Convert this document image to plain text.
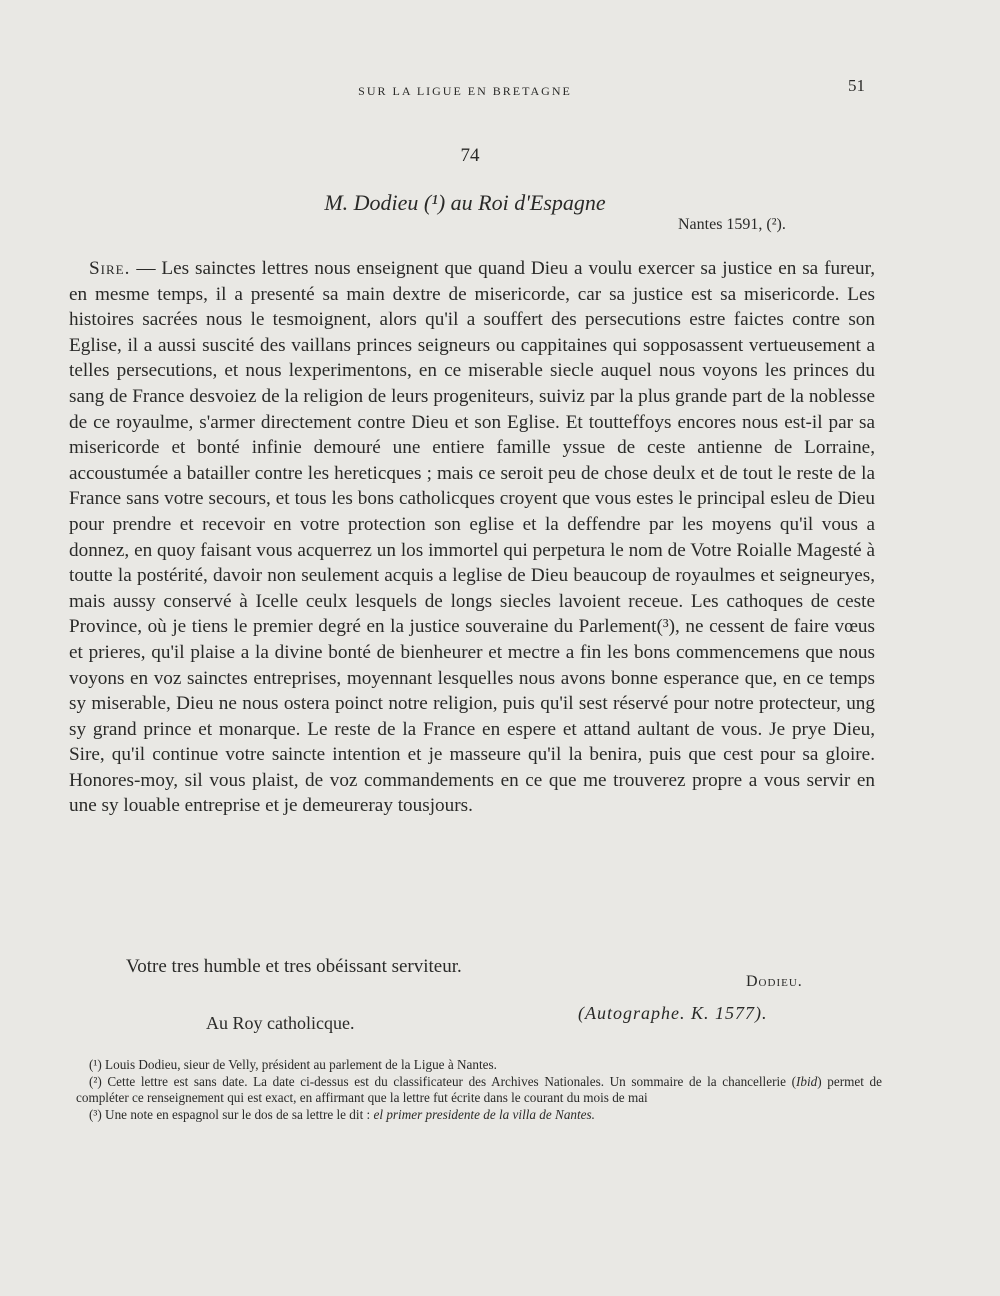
SUR LA LIGUE EN BRETAGNE	51
74
M. Dodieu (¹) au Roi d'Espagne
Nantes 1591, (²).

Sire. — Les sainctes lettres nous enseignent que quand Dieu a voulu exercer sa justice en sa fureur, en mesme temps, il a presenté sa main dextre de misericorde, car sa justice est sa misericorde. Les histoires sacrées nous le tesmoignent, alors qu'il a souffert des persecutions estre faictes contre son Eglise, il a aussi suscité des vaillans princes seigneurs ou cappitaines qui sopposassent vertueusement a telles persecutions, et nous lexperimentons, en ce miserable siecle auquel nous voyons les princes du sang de France desvoiez de la religion de leurs progeniteurs, suiviz par la plus grande part de la noblesse de ce royaulme, s'armer directement contre Dieu et son Eglise. Et toutteffoys encores nous est-il par sa misericorde et bonté infinie demouré une entiere famille yssue de ceste antienne de Lorraine, accoustumée a batailler contre les hereticques ; mais ce seroit peu de chose deulx et de tout le reste de la France sans votre secours, et tous les bons catholicques croyent que vous estes le principal esleu de Dieu pour prendre et recevoir en votre protection son eglise et la deffendre par les moyens qu'il vous a donnez, en quoy faisant vous acquerrez un los immortel qui perpetura le nom de Votre Roialle Magesté à toutte la postérité, davoir non seulement acquis a leglise de Dieu beaucoup de royaulmes et seigneuryes, mais aussy conservé à Icelle ceulx lesquels de longs siecles lavoient receue. Les cathoques de ceste Province, où je tiens le premier degré en la justice souveraine du Parlement(³), ne cessent de faire vœus et prieres, qu'il plaise a la divine bonté de bienheurer et mectre a fin les bons commencemens que nous voyons en voz sainctes entreprises, moyennant lesquelles nous avons bonne esperance que, en ce temps sy miserable, Dieu ne nous ostera poinct notre religion, puis qu'il sest réservé pour notre protecteur, ung sy grand prince et monarque. Le reste de la France en espere et attand aultant de vous. Je prye Dieu, Sire, qu'il continue votre saincte intention et je masseure qu'il la benira, puis que cest pour sa gloire. Honores-moy, sil vous plaist, de voz commandements en ce que me trouverez propre a vous servir en une sy louable entreprise et je demeureray tousjours.

Votre tres humble et tres obéissant serviteur.
Dodieu.
Au Roy catholicque.	(Autographe. K. 1577).

(¹) Louis Dodieu, sieur de Velly, président au parlement de la Ligue à Nantes.

(²) Cette lettre est sans date. La date ci-dessus est du classificateur des Archives Nationales. Un sommaire de la chancellerie (Ibid) permet de compléter ce renseignement qui est exact, en affirmant que la lettre fut écrite dans le courant du mois de mai

(³) Une note en espagnol sur le dos de sa lettre le dit : el primer presidente de la villa de Nantes.
